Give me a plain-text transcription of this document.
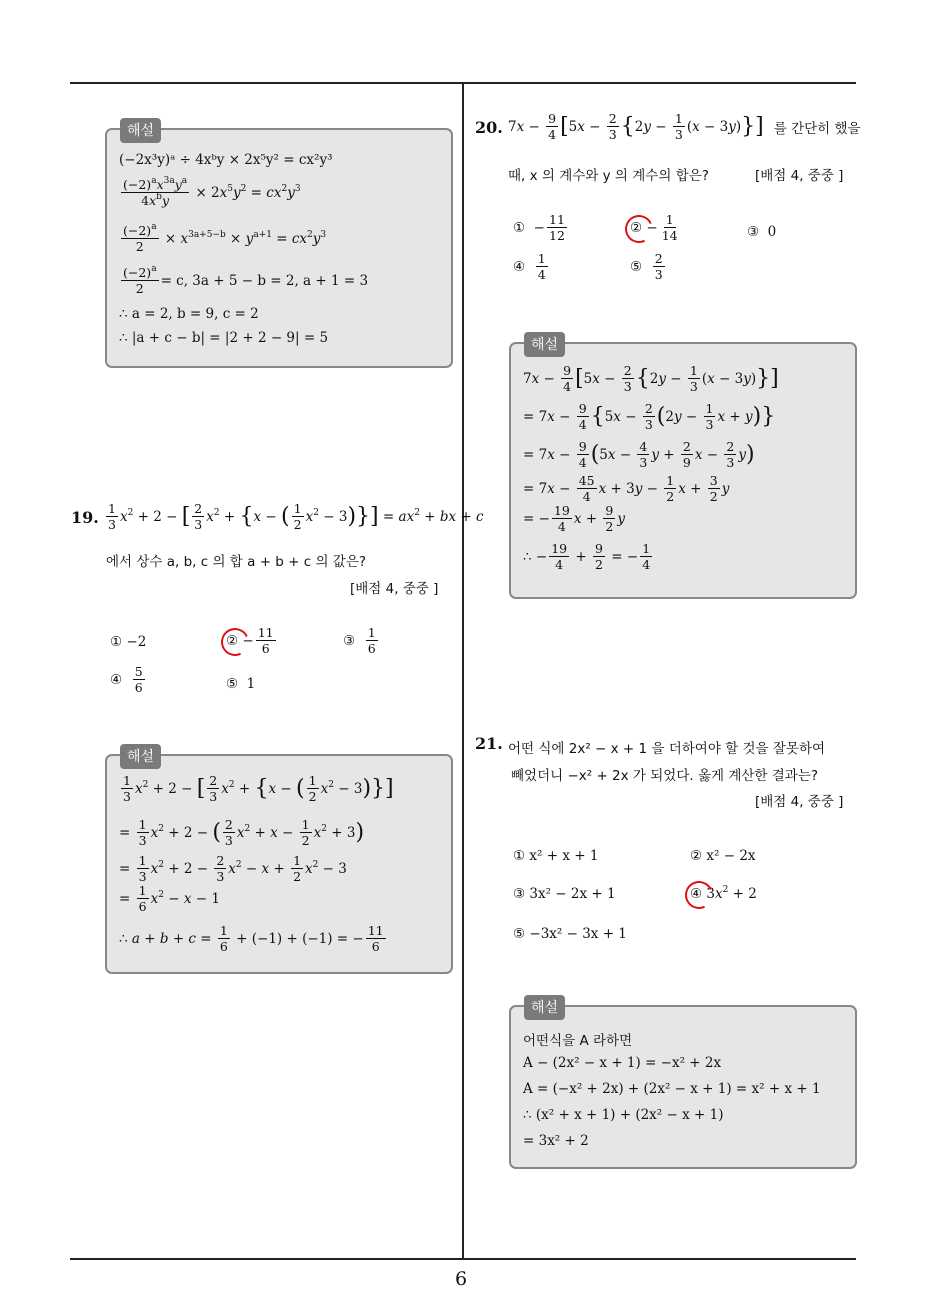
6
(−2x³y)ᵃ ÷ 4xᵇy × 2x⁵y² = cx²y³
$\frac{(-2)^ax^{3a}y^a}{4x^by} \times 2x^5y^2 = cx^2y^3$
$\frac{(-2)^a}{2} \times x^{3a+5-b} \times y^{a+1} = cx^2y^3$
$\frac{(-2)^a}{2} = c$, 3a + 5 − b = 2, a + 1 = 3
∴ a = 2, b = 9, c = 2
∴ |a + c − b| = |2 + 2 − 9| = 5
해설
19. $\frac{1}{3} x^2 + 2$ − [ $\frac{2}{3} x^2$ + { x − ( $\frac{1}{2} x^2 - 3$ )}] = $ax^2$ + bx + c
에서 상수 a, b, c 의 합 a + b + c 의 값은?
[배점 4, 중중 ]
① −2	② − $\frac{11}{6}$	③ $\frac{1}{6}$
④ $\frac{5}{6}$	⑤  1
$\frac{1}{3} x^2 + 2$ − [ $\frac{2}{3} x^2$ + { x − ( $\frac{1}{2} x^2 - 3$ )}]
= $\frac{1}{3} x^2 + 2$ − ( $\frac{2}{3} x^2 + x - \frac{1}{2} x^2 + 3$ )
= $\frac{1}{3} x^2 + 2 - \frac{2}{3} x^2 - x + \frac{1}{2} x^2 - 3$
= $\frac{1}{6} x^2 - x - 1$
∴ $a + b + c = \frac{1}{6} + (-1) + (-1)$ = − $\frac{11}{6}$
해설
20. $7x - \frac{9}{4}$ [ $5x - \frac{2}{3}$ { $2y - \frac{1}{3} (x - 3y)$ }] 를 간단히 했을
때, x 의 계수와 y 의 계수의 합은?	[배점 4, 중중 ]
①  − $\frac{11}{12}$	② − $\frac{1}{14}$	③  0
④ $\frac{1}{4}$	⑤ $\frac{2}{3}$
$7x - \frac{9}{4}$ [ $5x - \frac{2}{3}$ { $2y - \frac{1}{3} (x - 3y)$ }]
= $7x - \frac{9}{4}$ { $5x - \frac{2}{3}$ ( $2y - \frac{1}{3}$ x + y )}
= $7x - \frac{9}{4}$ ( $5x - \frac{4}{3}$ $y + \frac{2}{9}$ $x - \frac{2}{3}$ y )
= $7x - \frac{45}{4}$ $x + 3y - \frac{1}{2}$ $x + \frac{3}{2}$ y
= − $\frac{19}{4}$ $x + \frac{9}{2}$ y
∴ − $\frac{19}{4} + \frac{9}{2}$ = − $\frac{1}{4}$
해설
21. 어떤 식에 2x² − x + 1 을 더하여야 할 것을 잘못하여
빼었더니 −x² + 2x 가 되었다. 옳게 계산한 결과는?
[배점 4, 중중 ]
① x² + x + 1	② x² − 2x
③ 3x² − 2x + 1	④ $3x^2 + 2$
⑤ −3x² − 3x + 1
어떤식을 A 라하면
A − (2x² − x + 1) = −x² + 2x
A = (−x² + 2x) + (2x² − x + 1) = x² + x + 1
∴ (x² + x + 1) + (2x² − x + 1)
= 3x² + 2
해설
